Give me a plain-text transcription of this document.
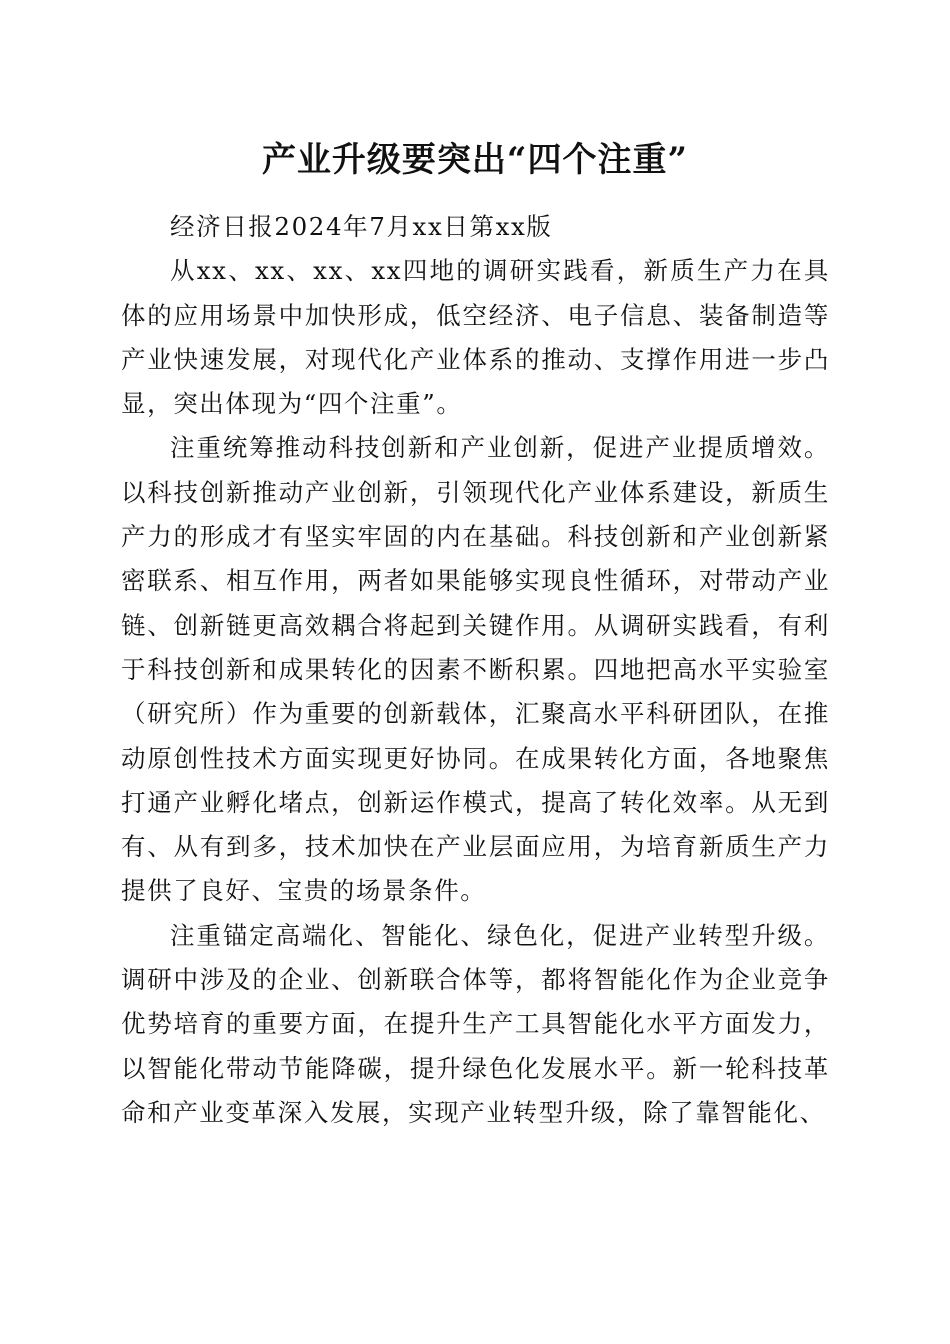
产业升级要突出“四个注重”

经济日报2024年7月xx日第xx版

从xx、xx、xx、xx四地的调研实践看，新质生产力在具体的应用场景中加快形成，低空经济、电子信息、装备制造等产业快速发展，对现代化产业体系的推动、支撑作用进一步凸显，突出体现为“四个注重”。

注重统筹推动科技创新和产业创新，促进产业提质增效。以科技创新推动产业创新，引领现代化产业体系建设，新质生产力的形成才有坚实牢固的内在基础。科技创新和产业创新紧密联系、相互作用，两者如果能够实现良性循环，对带动产业链、创新链更高效耦合将起到关键作用。从调研实践看，有利于科技创新和成果转化的因素不断积累。四地把高水平实验室（研究所）作为重要的创新载体，汇聚高水平科研团队，在推动原创性技术方面实现更好协同。在成果转化方面，各地聚焦打通产业孵化堵点，创新运作模式，提高了转化效率。从无到有、从有到多，技术加快在产业层面应用，为培育新质生产力提供了良好、宝贵的场景条件。

注重锚定高端化、智能化、绿色化，促进产业转型升级。调研中涉及的企业、创新联合体等，都将智能化作为企业竞争优势培育的重要方面，在提升生产工具智能化水平方面发力，以智能化带动节能降碳，提升绿色化发展水平。新一轮科技革命和产业变革深入发展，实现产业转型升级，除了靠智能化、
